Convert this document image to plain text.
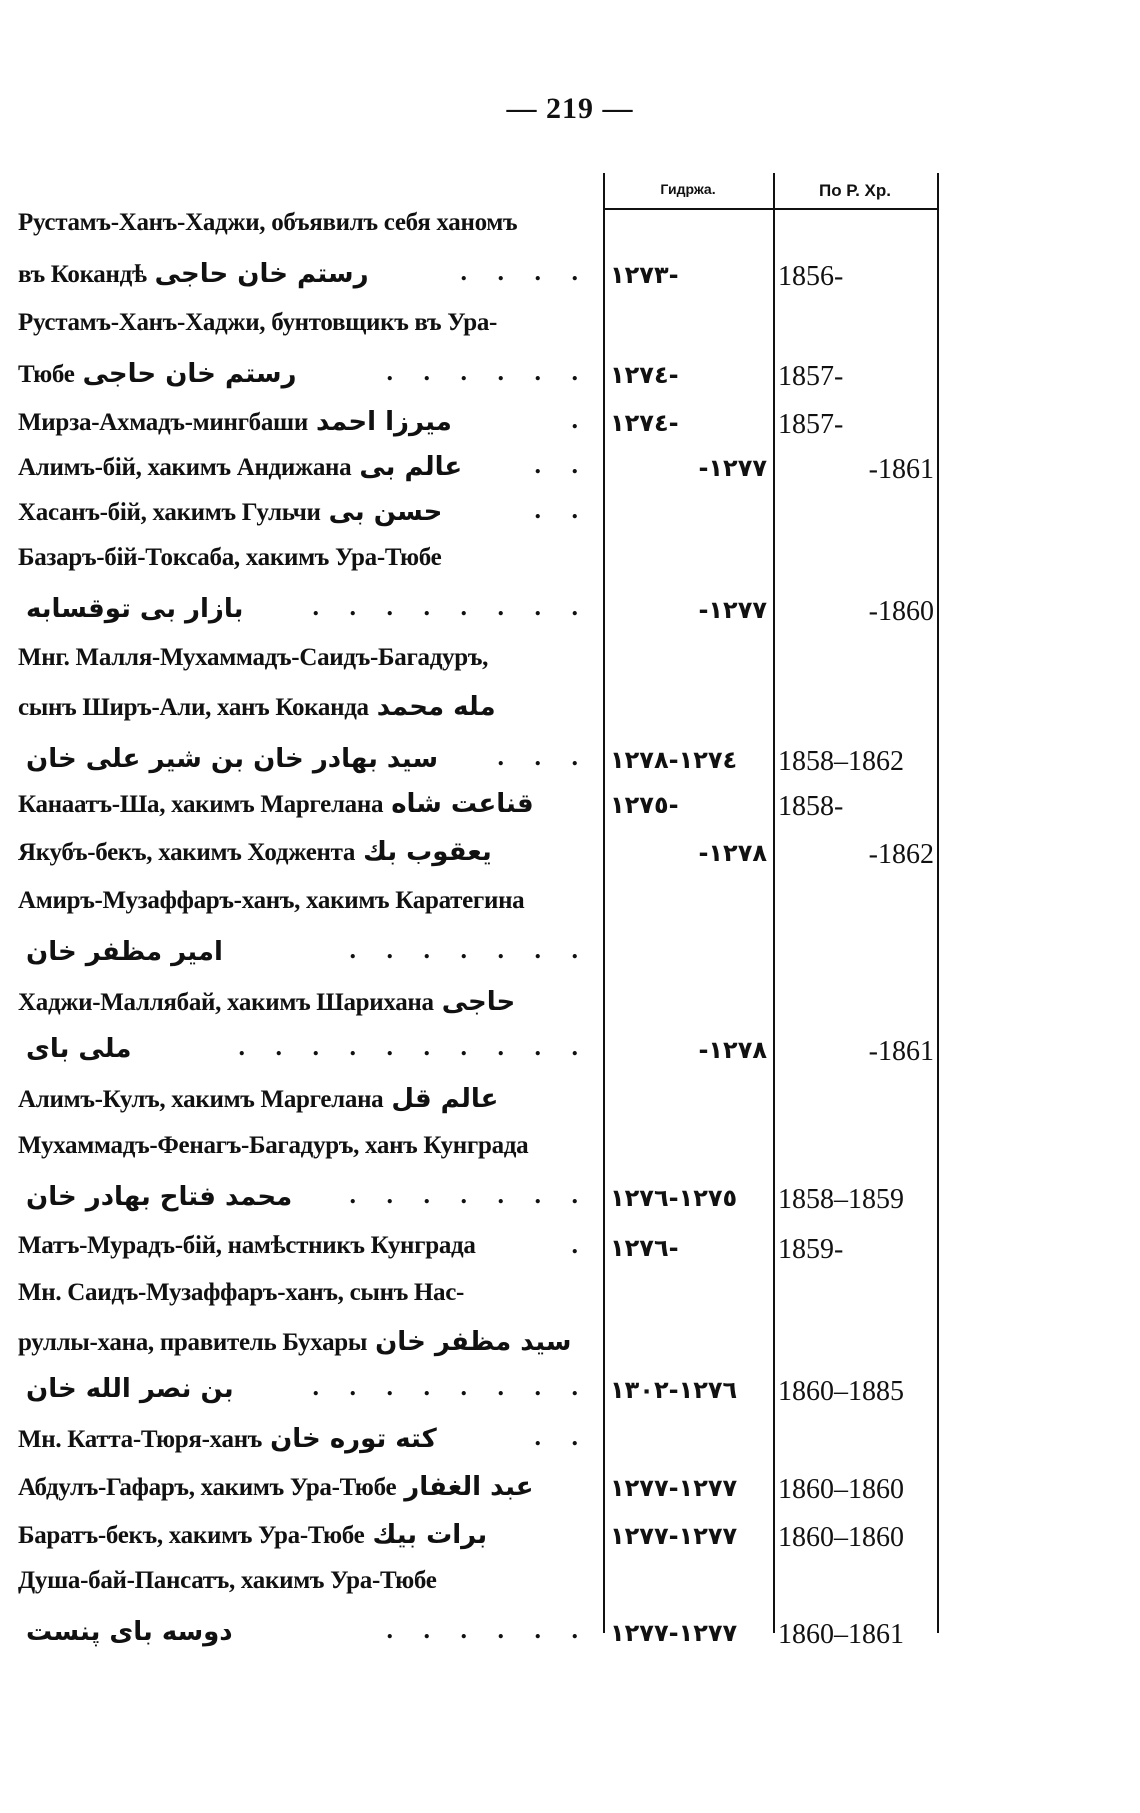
— 219 —
Гидржа.	По Р. Хр.
Рустамъ-Ханъ-Хаджи, объявилъ себя ханомъ
въ Кокандѣ رستم خان حاجی	. . . . ١٢٧٣-	1856-
Рустамъ-Ханъ-Хаджи, бунтовщикъ въ Ура-
Тюбе رستم خان حاجی	. . . . . . ١٢٧٤-	1857-
Мирза-Ахмадъ-мингбаши میرزا احمد	. ١٢٧٤-	1857-
Алимъ-бій, хакимъ Андижана عالم بی	. .	-١٢٧٧	-1861
Хасанъ-бій, хакимъ Гульчи حسن بی	. .
Базаръ-бій-Токсаба, хакимъ Ура-Тюбе
بازار بی توقسابه	. . . . . . . .	-١٢٧٧	-1860
Мнг. Малля-Мухаммадъ-Саидъ-Багадуръ,
сынъ Ширъ-Али, ханъ Коканда مله محمد
سید بهادر خان بن شیر علی خان	. . . ١٢٧٤-١٢٧٨	1858–1862
Канаатъ-Ша, хакимъ Маргелана قناعت شاه	١٢٧٥-	1858-
Якубъ-бекъ, хакимъ Ходжента یعقوب بك	-١٢٧٨	-1862
Амиръ-Музаффаръ-ханъ, хакимъ Каратегина
امیر مظفر خان	. . . . . . .
Хаджи-Маллябай, хакимъ Шарихана حاجی
ملی بای	. . . . . . . . . .	-١٢٧٨	-1861
Алимъ-Кулъ, хакимъ Маргелана عالم قل
Мухаммадъ-Фенагъ-Багадуръ, ханъ Кунграда
محمد فتاح بهادر خان	. . . . . . . ١٢٧٥-١٢٧٦	1858–1859
Матъ-Мурадъ-бій, намѣстникъ Кунграда	. ١٢٧٦-	1859-
Мн. Саидъ-Музаффаръ-ханъ, сынъ Нас-
руллы-хана, правитель Бухары سید مظفر خان
بن نصر الله خان	. . . . . . . . ١٢٧٦-١٣٠٢	1860–1885
Мн. Катта-Тюря-ханъ کته توره خان	. .
Абдулъ-Гафаръ, хакимъ Ура-Тюбе عبد الغفار	١٢٧٧-١٢٧٧	1860–1860
Баратъ-бекъ, хакимъ Ура-Тюбе برات بیك	١٢٧٧-١٢٧٧	1860–1860
Душа-бай-Пансатъ, хакимъ Ура-Тюбе
دوسه بای پنست	. . . . . . ١٢٧٧-١٢٧٧	1860–1861
